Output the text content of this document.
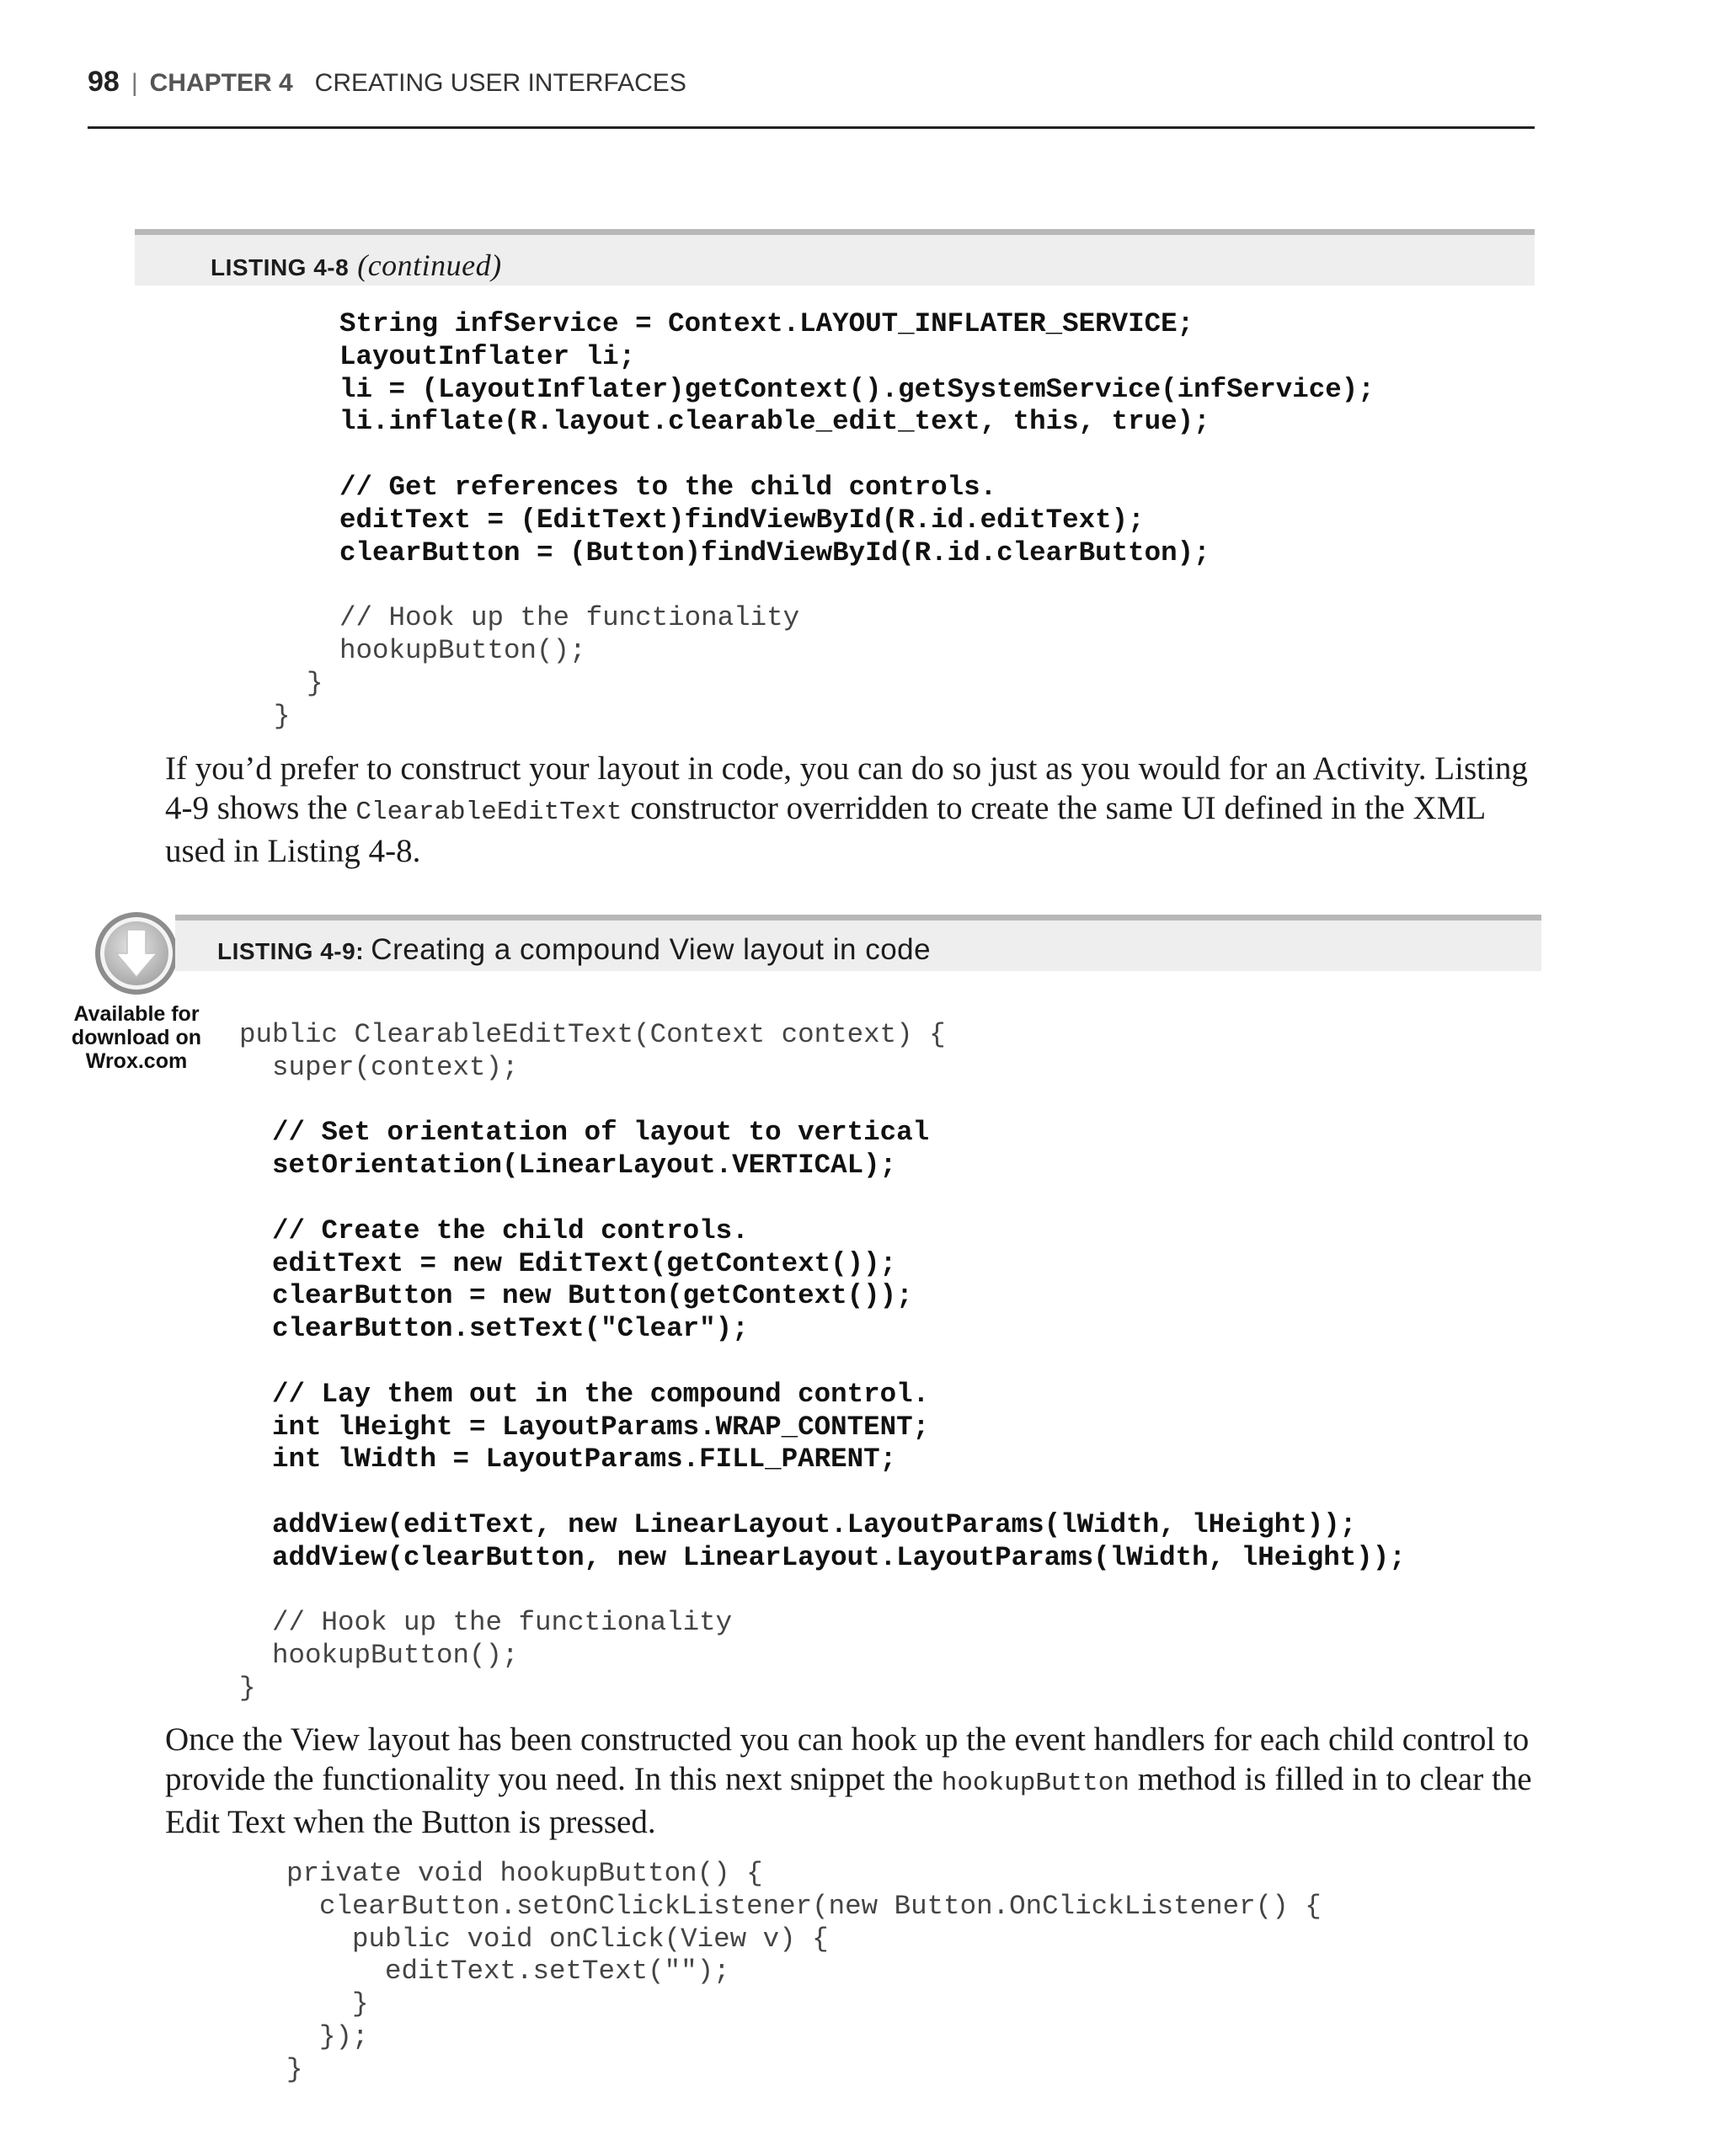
98 | CHAPTER 4 CREATING USER INTERFACES
LISTING 4-8 (continued)
String infService = Context.LAYOUT_INFLATER_SERVICE;
LayoutInflater li;
li = (LayoutInflater)getContext().getSystemService(infService);
li.inflate(R.layout.clearable_edit_text, this, true);

// Get references to the child controls.
editText = (EditText)findViewById(R.id.editText);
clearButton = (Button)findViewById(R.id.clearButton);

// Hook up the functionality
hookupButton();
}
}

If you’d prefer to construct your layout in code, you can do so just as you would for an Activity. Listing 4-9 shows the ClearableEditText constructor overridden to create the same UI defined in the XML used in Listing 4-8.

Available for
download on
Wrox.com
LISTING 4-9: Creating a compound View layout in code
public ClearableEditText(Context context) {
super(context);

// Set orientation of layout to vertical
setOrientation(LinearLayout.VERTICAL);

// Create the child controls.
editText = new EditText(getContext());
clearButton = new Button(getContext());
clearButton.setText("Clear");

// Lay them out in the compound control.
int lHeight = LayoutParams.WRAP_CONTENT;
int lWidth = LayoutParams.FILL_PARENT;

addView(editText, new LinearLayout.LayoutParams(lWidth, lHeight));
addView(clearButton, new LinearLayout.LayoutParams(lWidth, lHeight));

// Hook up the functionality
hookupButton();
}

Once the View layout has been constructed you can hook up the event handlers for each child control to provide the functionality you need. In this next snippet the hookupButton method is filled in to clear the Edit Text when the Button is pressed.

private void hookupButton() {
clearButton.setOnClickListener(new Button.OnClickListener() {
public void onClick(View v) {
editText.setText("");
}
});
}
